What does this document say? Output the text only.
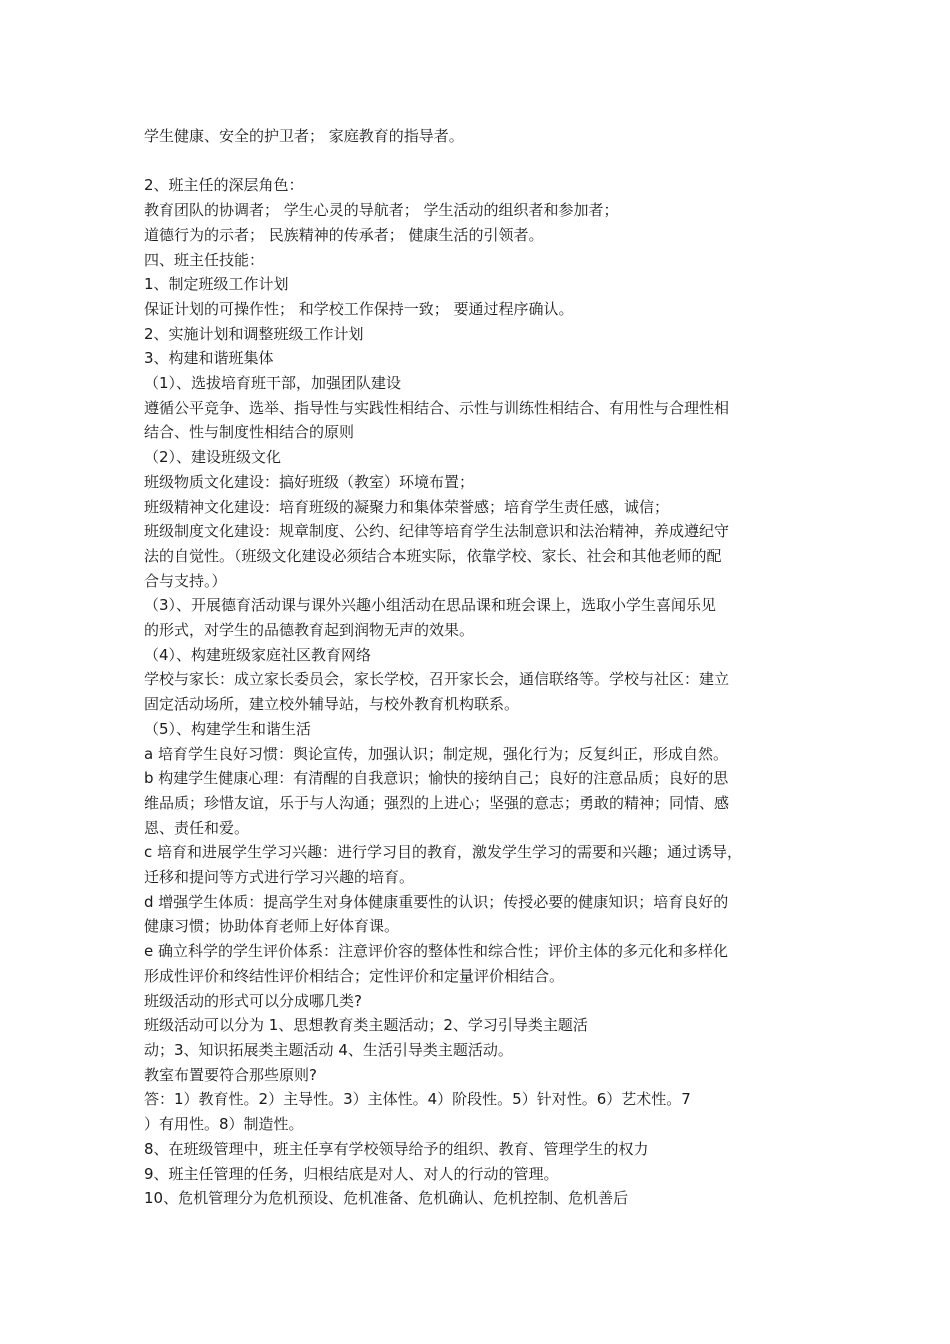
学生健康、安全的护卫者； 家庭教育的指导者。
2、班主任的深层角色：
教育团队的协调者； 学生心灵的导航者； 学生活动的组织者和参加者；
道德行为的示者； 民族精神的传承者； 健康生活的引领者。
四、班主任技能：
1、制定班级工作计划
保证计划的可操作性； 和学校工作保持一致； 要通过程序确认。
2、实施计划和调整班级工作计划
3、构建和谐班集体
（1）、选拔培育班干部，加强团队建设
遵循公平竞争、选举、指导性与实践性相结合、示性与训练性相结合、有用性与合理性相
结合、性与制度性相结合的原则
（2）、建设班级文化
班级物质文化建设：搞好班级（教室）环境布置；
班级精神文化建设：培育班级的凝聚力和集体荣誉感；培育学生责任感，诚信；
班级制度文化建设：规章制度、公约、纪律等培育学生法制意识和法治精神，养成遵纪守
法的自觉性。（班级文化建设必须结合本班实际，依靠学校、家长、社会和其他老师的配
合与支持。）
（3）、开展德育活动课与课外兴趣小组活动在思品课和班会课上，选取小学生喜闻乐见
的形式，对学生的品德教育起到润物无声的效果。
（4）、构建班级家庭社区教育网络
学校与家长：成立家长委员会，家长学校，召开家长会，通信联络等。学校与社区：建立
固定活动场所，建立校外辅导站，与校外教育机构联系。
（5）、构建学生和谐生活
a 培育学生良好习惯：舆论宣传，加强认识；制定规，强化行为；反复纠正，形成自然。
b 构建学生健康心理：有清醒的自我意识；愉快的接纳自己；良好的注意品质；良好的思
维品质；珍惜友谊，乐于与人沟通；强烈的上进心；坚强的意志；勇敢的精神；同情、感
恩、责任和爱。
c 培育和进展学生学习兴趣：进行学习目的教育，激发学生学习的需要和兴趣；通过诱导，
迁移和提问等方式进行学习兴趣的培育。
d 增强学生体质：提高学生对身体健康重要性的认识；传授必要的健康知识；培育良好的
健康习惯；协助体育老师上好体育课。
e 确立科学的学生评价体系：注意评价容的整体性和综合性；评价主体的多元化和多样化
形成性评价和终结性评价相结合；定性评价和定量评价相结合。
班级活动的形式可以分成哪几类?
班级活动可以分为 1、思想教育类主题活动；2、学习引导类主题活
动；3、知识拓展类主题活动 4、生活引导类主题活动。
教室布置要符合那些原则?
答：1）教育性。2）主导性。3）主体性。4）阶段性。5）针对性。6）艺术性。7
）有用性。8）制造性。
8、在班级管理中，班主任享有学校领导给予的组织、教育、管理学生的权力
9、班主任管理的任务，归根结底是对人、对人的行动的管理。
10、危机管理分为危机预设、危机准备、危机确认、危机控制、危机善后
